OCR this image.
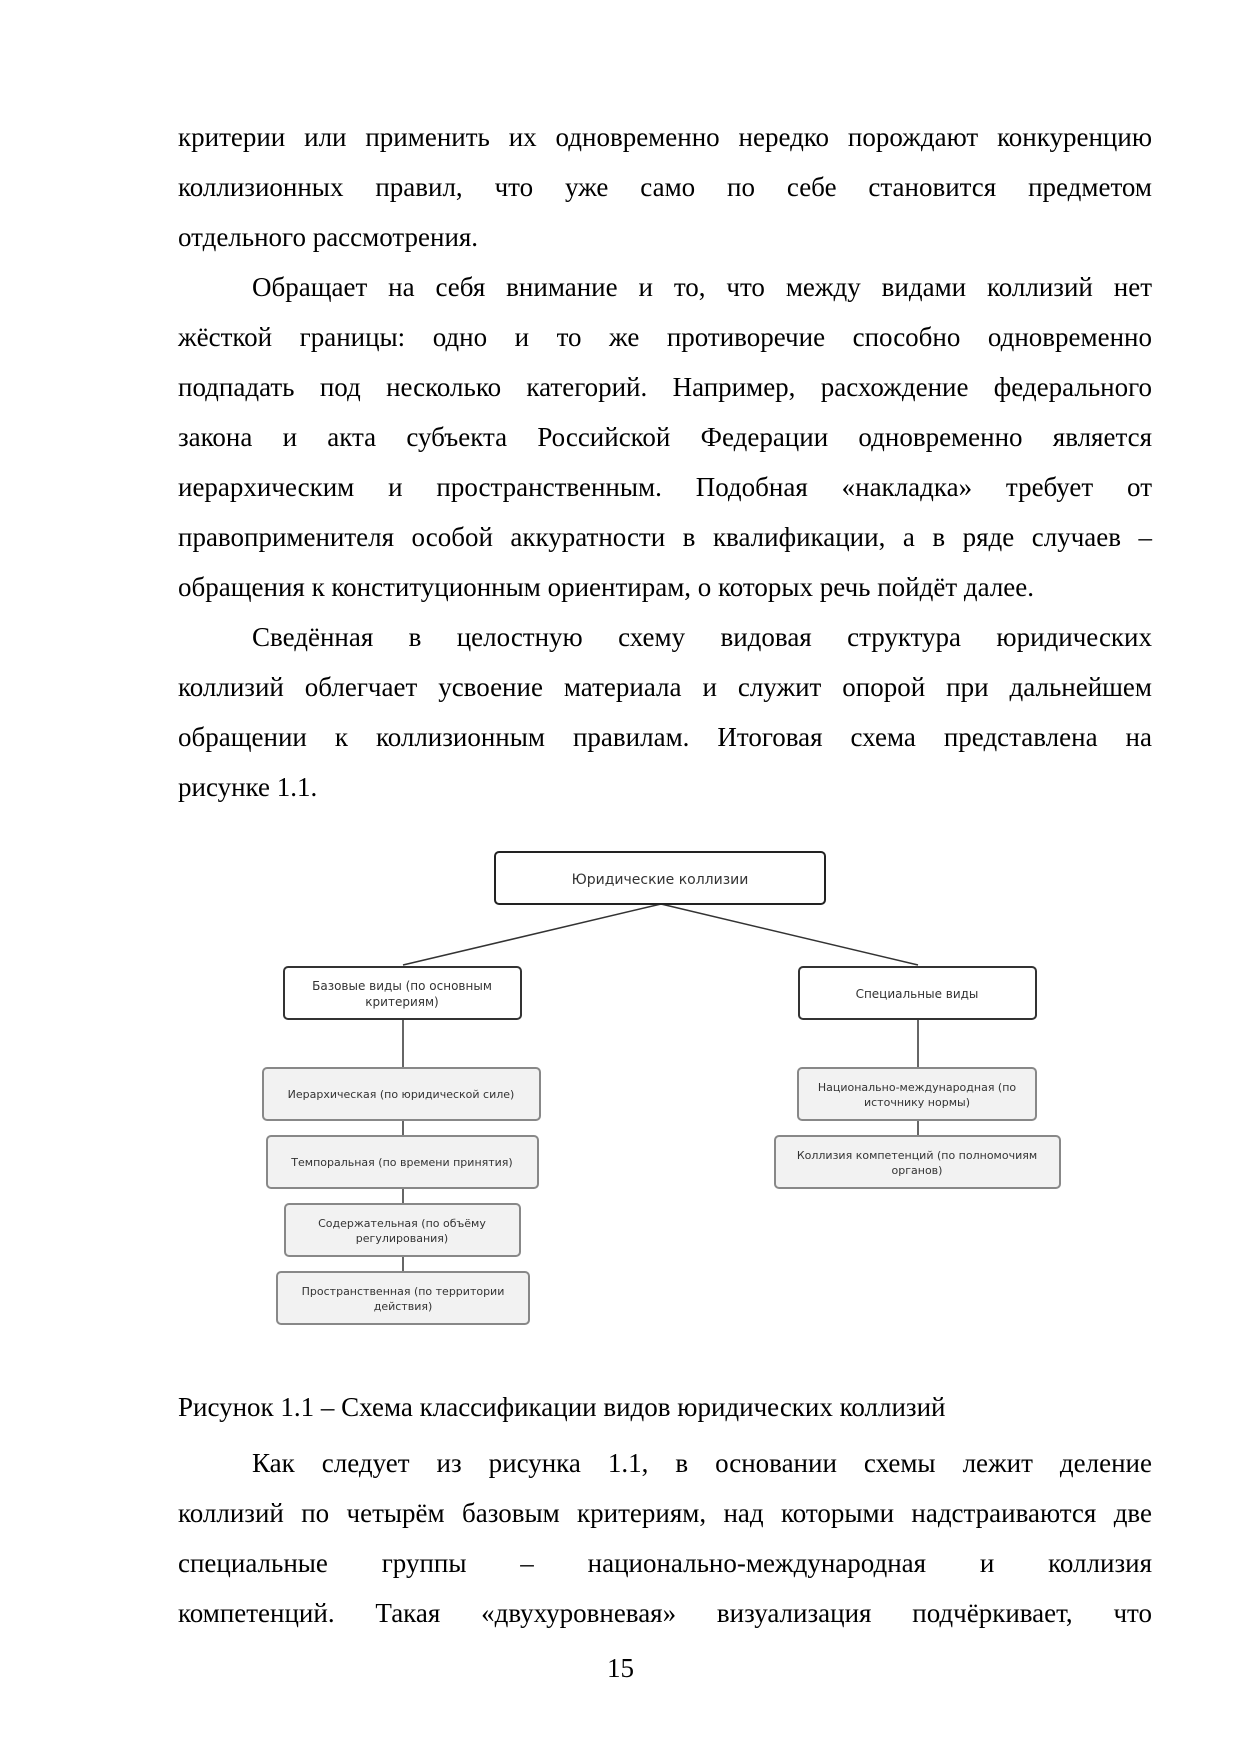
критерии или применить их одновременно нередко порождают конкуренцию
коллизионных правил, что уже само по себе становится предметом
отдельного рассмотрения.
Обращает на себя внимание и то, что между видами коллизий нет
жёсткой границы: одно и то же противоречие способно одновременно
подпадать под несколько категорий. Например, расхождение федерального
закона и акта субъекта Российской Федерации одновременно является
иерархическим и пространственным. Подобная «накладка» требует от
правоприменителя особой аккуратности в квалификации, а в ряде случаев –
обращения к конституционным ориентирам, о которых речь пойдёт далее.
Сведённая в целостную схему видовая структура юридических
коллизий облегчает усвоение материала и служит опорой при дальнейшем
обращении к коллизионным правилам. Итоговая схема представлена на
рисунке 1.1.
Юридические коллизии
Базовые виды (по основным
критериям)
Специальные виды
Иерархическая (по юридической силе)
Темпоральная (по времени принятия)
Содержательная (по объёму
регулирования)
Пространственная (по территории
действия)
Национально-международная (по
источнику нормы)
Коллизия компетенций (по полномочиям
органов)
Рисунок 1.1 – Схема классификации видов юридических коллизий
Как следует из рисунка 1.1, в основании схемы лежит деление
коллизий по четырём базовым критериям, над которыми надстраиваются две
специальные группы – национально-международная и коллизия
компетенций. Такая «двухуровневая» визуализация подчёркивает, что
15
